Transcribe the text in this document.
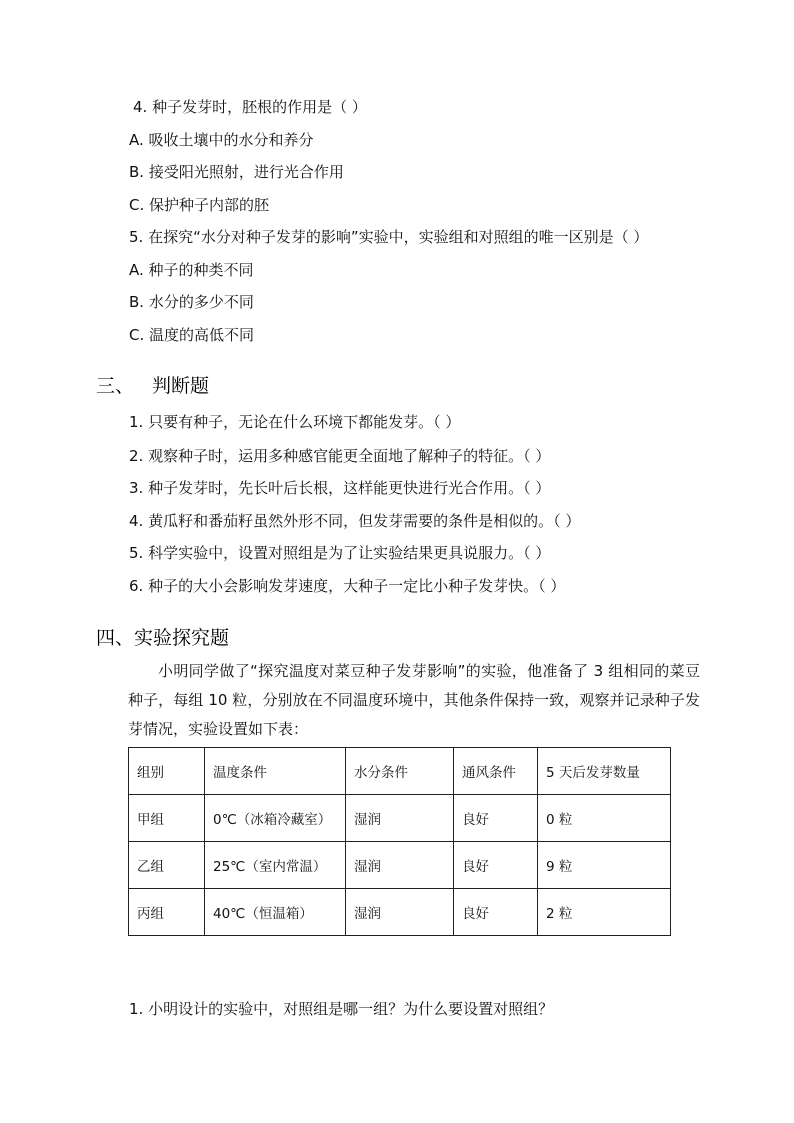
4. 种子发芽时，胚根的作用是（ ）
A. 吸收土壤中的水分和养分
B. 接受阳光照射，进行光合作用
C. 保护种子内部的胚
5. 在探究“水分对种子发芽的影响”实验中，实验组和对照组的唯一区别是（ ）
A. 种子的种类不同
B. 水分的多少不同
C. 温度的高低不同
三、 判断题
1. 只要有种子，无论在什么环境下都能发芽。（ ）
2. 观察种子时，运用多种感官能更全面地了解种子的特征。（ ）
3. 种子发芽时，先长叶后长根，这样能更快进行光合作用。（ ）
4. 黄瓜籽和番茄籽虽然外形不同，但发芽需要的条件是相似的。（ ）
5. 科学实验中，设置对照组是为了让实验结果更具说服力。（ ）
6. 种子的大小会影响发芽速度，大种子一定比小种子发芽快。（ ）
四、实验探究题
小明同学做了“探究温度对菜豆种子发芽影响”的实验，他准备了 3 组相同的菜豆种子，每组 10 粒，分别放在不同温度环境中，其他条件保持一致，观察并记录种子发芽情况，实验设置如下表：
组别	温度条件	水分条件	通风条件	5 天后发芽数量
甲组	0℃（冰箱冷藏室）	湿润	良好	0 粒
乙组	25℃（室内常温）	湿润	良好	9 粒
丙组	40℃（恒温箱）	湿润	良好	2 粒
1. 小明设计的实验中，对照组是哪一组？为什么要设置对照组？
